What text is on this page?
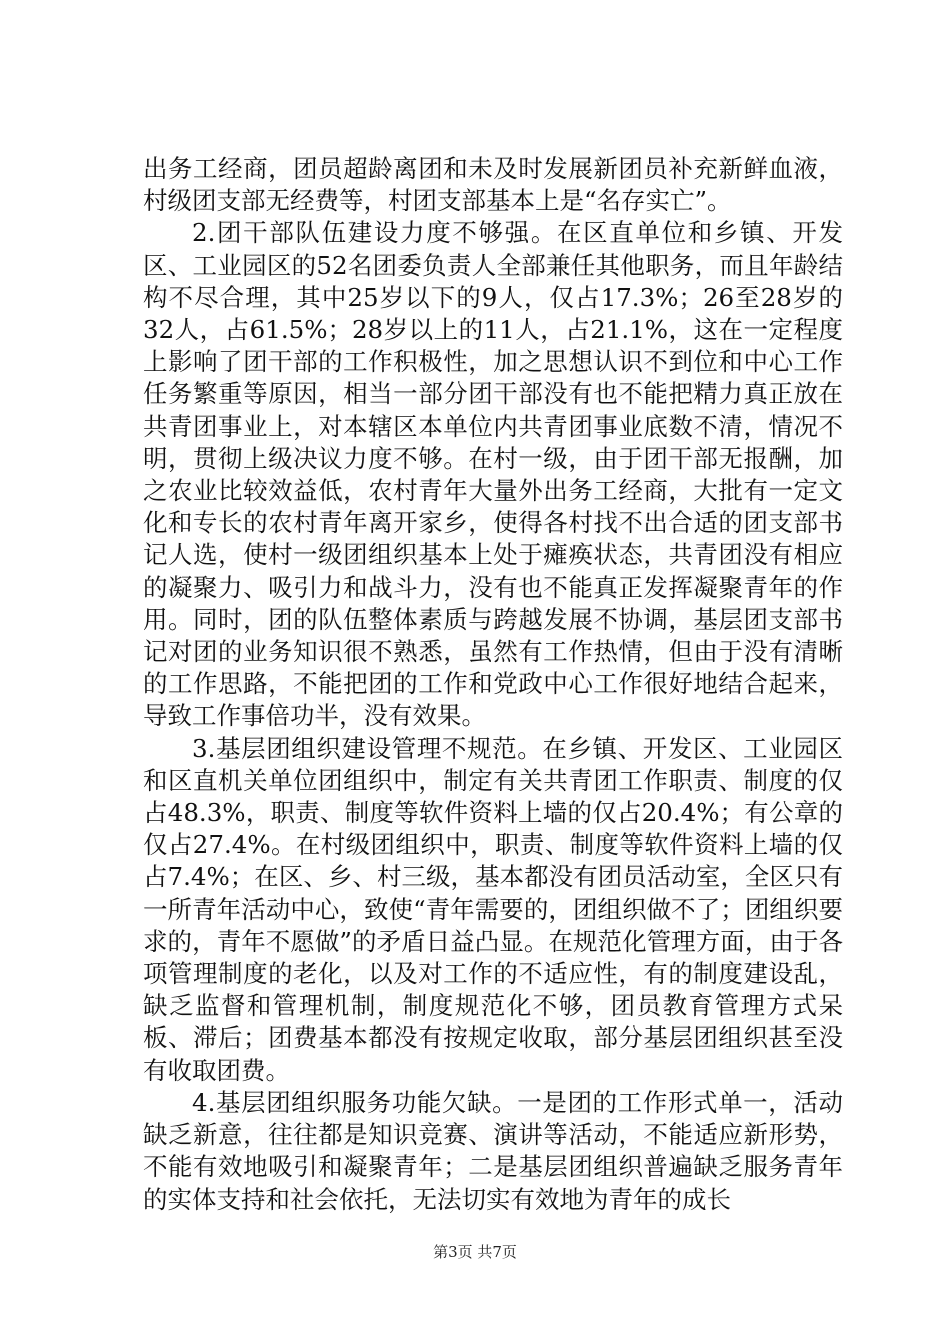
出务工经商，团员超龄离团和未及时发展新团员补充新鲜血液，村级团支部无经费等，村团支部基本上是“名存实亡”。

2.团干部队伍建设力度不够强。在区直单位和乡镇、开发区、工业园区的52名团委负责人全部兼任其他职务，而且年龄结构不尽合理，其中25岁以下的9人，仅占17.3%；26至28岁的32人，占61.5%；28岁以上的11人，占21.1%，这在一定程度上影响了团干部的工作积极性，加之思想认识不到位和中心工作任务繁重等原因，相当一部分团干部没有也不能把精力真正放在共青团事业上，对本辖区本单位内共青团事业底数不清，情况不明，贯彻上级决议力度不够。在村一级，由于团干部无报酬，加之农业比较效益低，农村青年大量外出务工经商，大批有一定文化和专长的农村青年离开家乡，使得各村找不出合适的团支部书记人选，使村一级团组织基本上处于瘫痪状态，共青团没有相应的凝聚力、吸引力和战斗力，没有也不能真正发挥凝聚青年的作用。同时，团的队伍整体素质与跨越发展不协调，基层团支部书记对团的业务知识很不熟悉，虽然有工作热情，但由于没有清晰的工作思路，不能把团的工作和党政中心工作很好地结合起来，导致工作事倍功半，没有效果。

3.基层团组织建设管理不规范。在乡镇、开发区、工业园区和区直机关单位团组织中，制定有关共青团工作职责、制度的仅占48.3%，职责、制度等软件资料上墙的仅占20.4%；有公章的仅占27.4%。在村级团组织中，职责、制度等软件资料上墙的仅占7.4%；在区、乡、村三级，基本都没有团员活动室，全区只有一所青年活动中心，致使“青年需要的，团组织做不了；团组织要求的，青年不愿做”的矛盾日益凸显。在规范化管理方面，由于各项管理制度的老化，以及对工作的不适应性，有的制度建设乱，缺乏监督和管理机制，制度规范化不够，团员教育管理方式呆板、滞后；团费基本都没有按规定收取，部分基层团组织甚至没有收取团费。

4.基层团组织服务功能欠缺。一是团的工作形式单一，活动缺乏新意，往往都是知识竞赛、演讲等活动，不能适应新形势，不能有效地吸引和凝聚青年；二是基层团组织普遍缺乏服务青年的实体支持和社会依托，无法切实有效地为青年的成长

第3页 共7页
